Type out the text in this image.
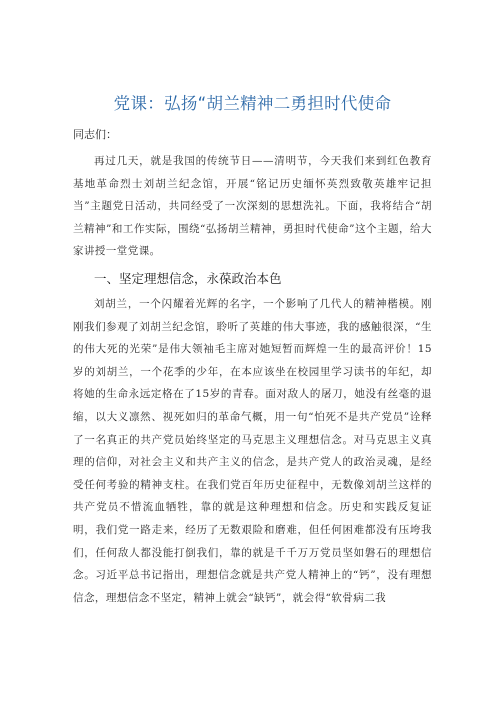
党课：弘扬“胡兰精神二勇担时代使命
同志们：

再过几天，就是我国的传统节日——清明节，今天我们来到红色教育基地革命烈士刘胡兰纪念馆，开展“铭记历史缅怀英烈致敬英雄牢记担当”主题党日活动，共同经受了一次深刻的思想洗礼。下面，我将结合“胡兰精神”和工作实际，围绕“弘扬胡兰精神，勇担时代使命”这个主题，给大家讲授一堂党课。

一、坚定理想信念，永葆政治本色

刘胡兰，一个闪耀着光辉的名字，一个影响了几代人的精神楷模。刚刚我们参观了刘胡兰纪念馆，聆听了英雄的伟大事迹，我的感触很深，“生的伟大死的光荣”是伟大领袖毛主席对她短暂而辉煌一生的最高评价！15岁的刘胡兰，一个花季的少年，在本应该坐在校园里学习读书的年纪，却将她的生命永远定格在了15岁的青春。面对敌人的屠刀，她没有丝毫的退缩，以大义凛然、视死如归的革命气概，用一句“怕死不是共产党员”诠释了一名真正的共产党员始终坚定的马克思主义理想信念。对马克思主义真理的信仰，对社会主义和共产主义的信念，是共产党人的政治灵魂，是经受任何考验的精神支柱。在我们党百年历史征程中，无数像刘胡兰这样的共产党员不惜流血牺牲，靠的就是这种理想和信念。历史和实践反复证明，我们党一路走来，经历了无数艰险和磨难，但任何困难都没有压垮我们，任何敌人都没能打倒我们，靠的就是千千万万党员坚如磐石的理想信念。习近平总书记指出，理想信念就是共产党人精神上的“钙”，没有理想信念，理想信念不坚定，精神上就会“缺钙”，就会得“软骨病二我
